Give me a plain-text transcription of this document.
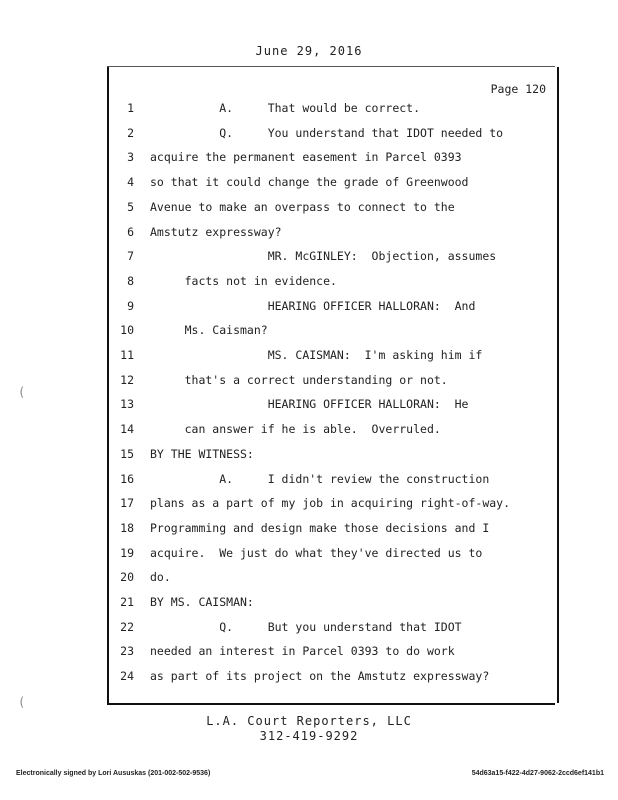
June 29, 2016
Page 120
1 A.     That would be correct.
2 Q.     You understand that IDOT needed to
3 acquire the permanent easement in Parcel 0393
4 so that it could change the grade of Greenwood
5 Avenue to make an overpass to connect to the
6 Amstutz expressway?
7 MR. McGINLEY:  Objection, assumes
8 facts not in evidence.
9 HEARING OFFICER HALLORAN:  And
10 Ms. Caisman?
11 MS. CAISMAN:  I'm asking him if
12 that's a correct understanding or not.
13 HEARING OFFICER HALLORAN:  He
14 can answer if he is able.  Overruled.
15 BY THE WITNESS:
16 A.     I didn't review the construction
17 plans as a part of my job in acquiring right-of-way.
18 Programming and design make those decisions and I
19 acquire.  We just do what they've directed us to
20 do.
21 BY MS. CAISMAN:
22 Q.     But you understand that IDOT
23 needed an interest in Parcel 0393 to do work
24 as part of its project on the Amstutz expressway?
L.A. Court Reporters, LLC
312-419-9292
Electronically signed by Lori Aususkas (201-002-502-9536)	54d63a15-f422-4d27-9062-2ccd6ef141b1
(
(
